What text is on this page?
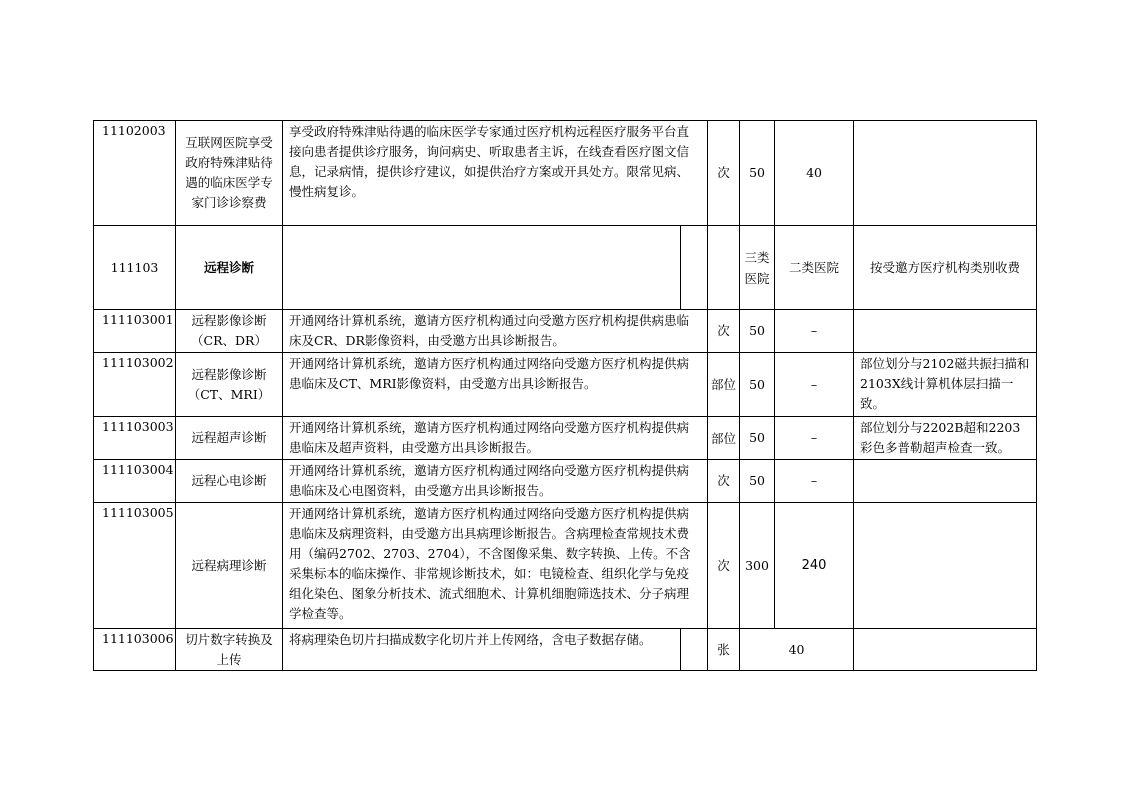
11102003	互联网医院享受政府特殊津贴待遇的临床医学专家门诊诊察费	享受政府特殊津贴待遇的临床医学专家通过医疗机构远程医疗服务平台直接向患者提供诊疗服务，询问病史、听取患者主诉，在线查看医疗图文信息，记录病情，提供诊疗建议，如提供治疗方案或开具处方。限常见病、慢性病复诊。		次	50	40	
111103	远程诊断				三类医院	二类医院	按受邀方医疗机构类别收费
111103001	远程影像诊断（CR、DR）	开通网络计算机系统，邀请方医疗机构通过向受邀方医疗机构提供病患临床及CR、DR影像资料，由受邀方出具诊断报告。		次	50	–	
111103002	远程影像诊断（CT、MRI）	开通网络计算机系统，邀请方医疗机构通过网络向受邀方医疗机构提供病患临床及CT、MRI影像资料，由受邀方出具诊断报告。		部位	50	–	部位划分与2102磁共振扫描和2103X线计算机体层扫描一致。
111103003	远程超声诊断	开通网络计算机系统，邀请方医疗机构通过网络向受邀方医疗机构提供病患临床及超声资料，由受邀方出具诊断报告。		部位	50	–	部位划分与2202B超和2203彩色多普勒超声检查一致。
111103004	远程心电诊断	开通网络计算机系统，邀请方医疗机构通过网络向受邀方医疗机构提供病患临床及心电图资料，由受邀方出具诊断报告。		次	50	–	
111103005	远程病理诊断	开通网络计算机系统，邀请方医疗机构通过网络向受邀方医疗机构提供病患临床及病理资料，由受邀方出具病理诊断报告。含病理检查常规技术费用（编码2702、2703、2704），不含图像采集、数字转换、上传。不含采集标本的临床操作、非常规诊断技术，如：电镜检查、组织化学与免疫组化染色、图象分析技术、流式细胞术、计算机细胞筛选技术、分子病理学检查等。		次	300	240	
111103006	切片数字转换及上传	将病理染色切片扫描成数字化切片并上传网络，含电子数据存储。		张	40		
